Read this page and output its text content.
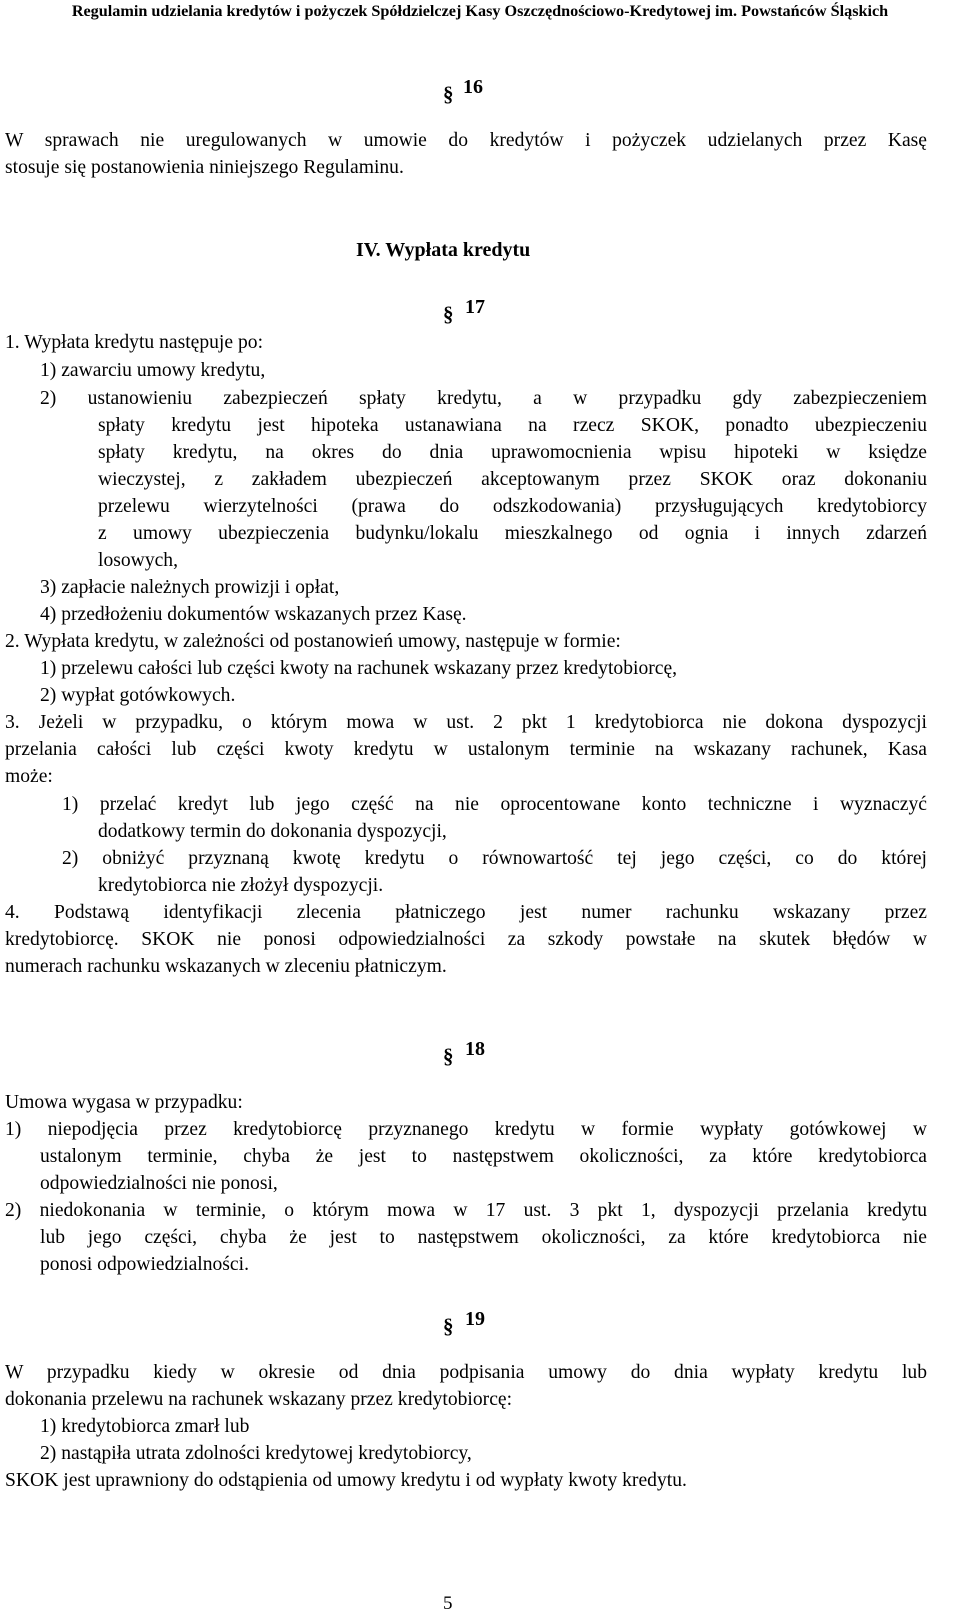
Regulamin udzielania kredytów i pożyczek Spółdzielczej Kasy Oszczędnościowo-Kredytowej im. Powstańców Śląskich
§ 16
W sprawach nie uregulowanych w umowie do kredytów i pożyczek udzielanych przez Kasę
stosuje się postanowienia niniejszego Regulaminu.
IV. Wypłata kredytu
§ 17
1. Wypłata kredytu następuje po:
1) zawarciu umowy kredytu,
2) ustanowieniu zabezpieczeń spłaty kredytu, a w przypadku gdy zabezpieczeniem
spłaty kredytu jest hipoteka ustanawiana na rzecz SKOK, ponadto ubezpieczeniu
spłaty kredytu, na okres do dnia uprawomocnienia wpisu hipoteki w księdze
wieczystej, z zakładem ubezpieczeń akceptowanym przez SKOK oraz dokonaniu
przelewu wierzytelności (prawa do odszkodowania) przysługujących kredytobiorcy
z umowy ubezpieczenia budynku/lokalu mieszkalnego od ognia i innych zdarzeń
losowych,
3) zapłacie należnych prowizji i opłat,
4) przedłożeniu dokumentów wskazanych przez Kasę.
2. Wypłata kredytu, w zależności od postanowień umowy, następuje w formie:
1) przelewu całości lub części kwoty na rachunek wskazany przez kredytobiorcę,
2) wypłat gotówkowych.
3. Jeżeli w przypadku, o którym mowa w ust. 2 pkt 1 kredytobiorca nie dokona dyspozycji
przelania całości lub części kwoty kredytu w ustalonym terminie na wskazany rachunek, Kasa
może:
1) przelać kredyt lub jego część na nie oprocentowane konto techniczne i wyznaczyć
dodatkowy termin do dokonania dyspozycji,
2) obniżyć przyznaną kwotę kredytu o równowartość tej jego części, co do której
kredytobiorca nie złożył dyspozycji.
4. Podstawą identyfikacji zlecenia płatniczego jest numer rachunku wskazany przez
kredytobiorcę. SKOK nie ponosi odpowiedzialności za szkody powstałe na skutek błędów w
numerach rachunku wskazanych w zleceniu płatniczym.
§ 18
Umowa wygasa w przypadku:
1) niepodjęcia przez kredytobiorcę przyznanego kredytu w formie wypłaty gotówkowej w
ustalonym terminie, chyba że jest to następstwem okoliczności, za które kredytobiorca
odpowiedzialności nie ponosi,
2) niedokonania w terminie, o którym mowa w 17 ust. 3 pkt 1, dyspozycji przelania kredytu
lub jego części, chyba że jest to następstwem okoliczności, za które kredytobiorca nie
ponosi odpowiedzialności.
§ 19
W przypadku kiedy w okresie od dnia podpisania umowy do dnia wypłaty kredytu lub
dokonania przelewu na rachunek wskazany przez kredytobiorcę:
1) kredytobiorca zmarł lub
2) nastąpiła utrata zdolności kredytowej kredytobiorcy,
SKOK jest uprawniony do odstąpienia od umowy kredytu i od wypłaty kwoty kredytu.
5
